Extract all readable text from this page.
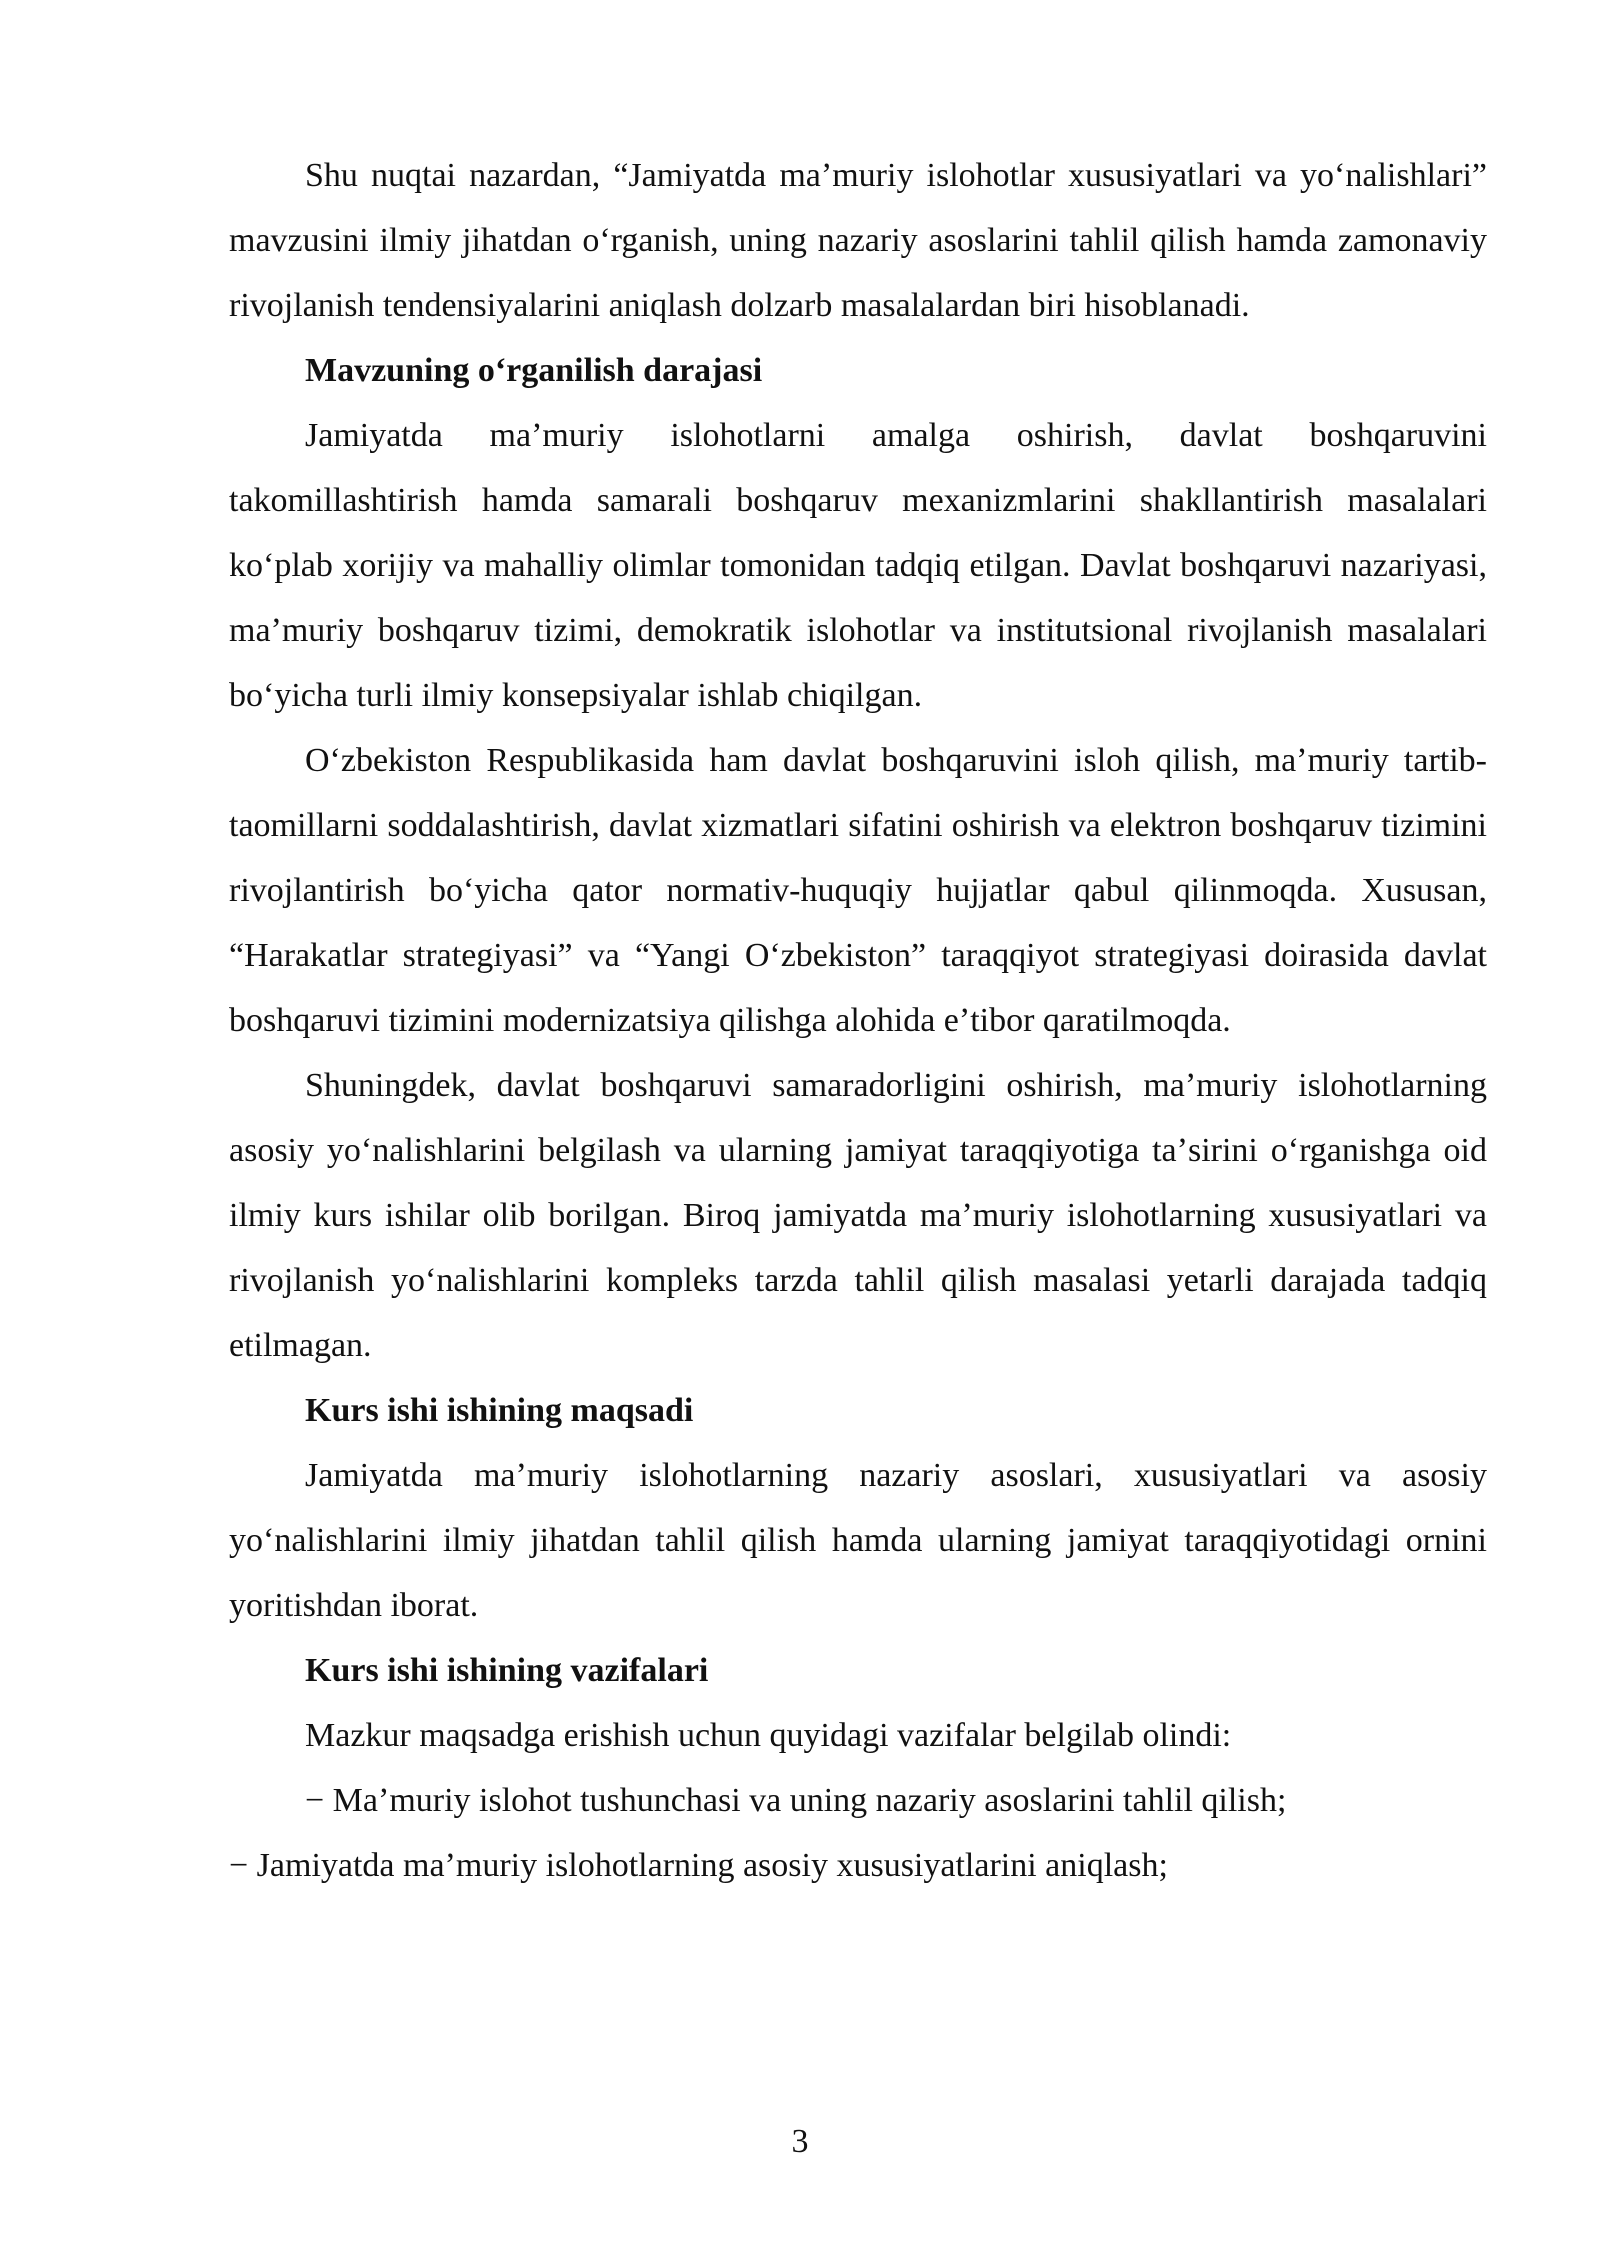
Shu nuqtai nazardan, “Jamiyatda maʼmuriy islohotlar xususiyatlari va yoʻnalishlari” mavzusini ilmiy jihatdan oʻrganish, uning nazariy asoslarini tahlil qilish hamda zamonaviy rivojlanish tendensiyalarini aniqlash dolzarb masalalardan biri hisoblanadi.

Mavzuning oʻrganilish darajasi

Jamiyatda maʼmuriy islohotlarni amalga oshirish, davlat boshqaruvini takomillashtirish hamda samarali boshqaruv mexanizmlarini shakllantirish masalalari koʻplab xorijiy va mahalliy olimlar tomonidan tadqiq etilgan. Davlat boshqaruvi nazariyasi, maʼmuriy boshqaruv tizimi, demokratik islohotlar va institutsional rivojlanish masalalari boʻyicha turli ilmiy konsepsiyalar ishlab chiqilgan.

Oʻzbekiston Respublikasida ham davlat boshqaruvini isloh qilish, maʼmuriy tartib-taomillarni soddalashtirish, davlat xizmatlari sifatini oshirish va elektron boshqaruv tizimini rivojlantirish boʻyicha qator normativ-huquqiy hujjatlar qabul qilinmoqda. Xususan, “Harakatlar strategiyasi” va “Yangi Oʻzbekiston” taraqqiyot strategiyasi doirasida davlat boshqaruvi tizimini modernizatsiya qilishga alohida eʼtibor qaratilmoqda.

Shuningdek, davlat boshqaruvi samaradorligini oshirish, maʼmuriy islohotlarning asosiy yoʻnalishlarini belgilash va ularning jamiyat taraqqiyotiga taʼsirini oʻrganishga oid ilmiy kurs ishilar olib borilgan. Biroq jamiyatda maʼmuriy islohotlarning xususiyatlari va rivojlanish yoʻnalishlarini kompleks tarzda tahlil qilish masalasi yetarli darajada tadqiq etilmagan.

Kurs ishi ishining maqsadi

Jamiyatda maʼmuriy islohotlarning nazariy asoslari, xususiyatlari va asosiy yoʻnalishlarini ilmiy jihatdan tahlil qilish hamda ularning jamiyat taraqqiyotidagi ornini yoritishdan iborat.

Kurs ishi ishining vazifalari

Mazkur maqsadga erishish uchun quyidagi vazifalar belgilab olindi:

− Maʼmuriy islohot tushunchasi va uning nazariy asoslarini tahlil qilish;

− Jamiyatda maʼmuriy islohotlarning asosiy xususiyatlarini aniqlash;

3
